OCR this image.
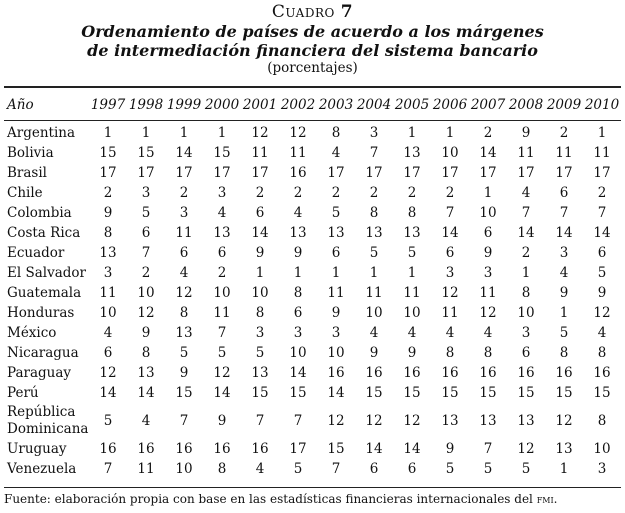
Cuadro 7
Ordenamiento de países de acuerdo a los márgenes
de intermediación financiera del sistema bancario
(porcentajes)
Año	1997	1998	1999	2000	2001	2002	2003	2004	2005	2006	2007	2008	2009	2010

Argentina	1	1	1	1	12	12	8	3	1	1	2	9	2	1
Bolivia	15	15	14	15	11	11	4	7	13	10	14	11	11	11
Brasil	17	17	17	17	17	16	17	17	17	17	17	17	17	17
Chile	2	3	2	3	2	2	2	2	2	2	1	4	6	2
Colombia	9	5	3	4	6	4	5	8	8	7	10	7	7	7
Costa Rica	8	6	11	13	14	13	13	13	13	14	6	14	14	14
Ecuador	13	7	6	6	9	9	6	5	5	6	9	2	3	6
El Salvador	3	2	4	2	1	1	1	1	1	3	3	1	4	5
Guatemala	11	10	12	10	10	8	11	11	11	12	11	8	9	9
Honduras	10	12	8	11	8	6	9	10	10	11	12	10	1	12
México	4	9	13	7	3	3	3	4	4	4	4	3	5	4
Nicaragua	6	8	5	5	5	10	10	9	9	8	8	6	8	8
Paraguay	12	13	9	12	13	14	16	16	16	16	16	16	16	16
Perú	14	14	15	14	15	15	14	15	15	15	15	15	15	15
República Dominicana	5	4	7	9	7	7	12	12	12	13	13	13	12	8
Uruguay	16	16	16	16	16	17	15	14	14	9	7	12	13	10
Venezuela	7	11	10	8	4	5	7	6	6	5	5	5	1	3
Fuente: elaboración propia con base en las estadísticas financieras internacionales del fmi.
